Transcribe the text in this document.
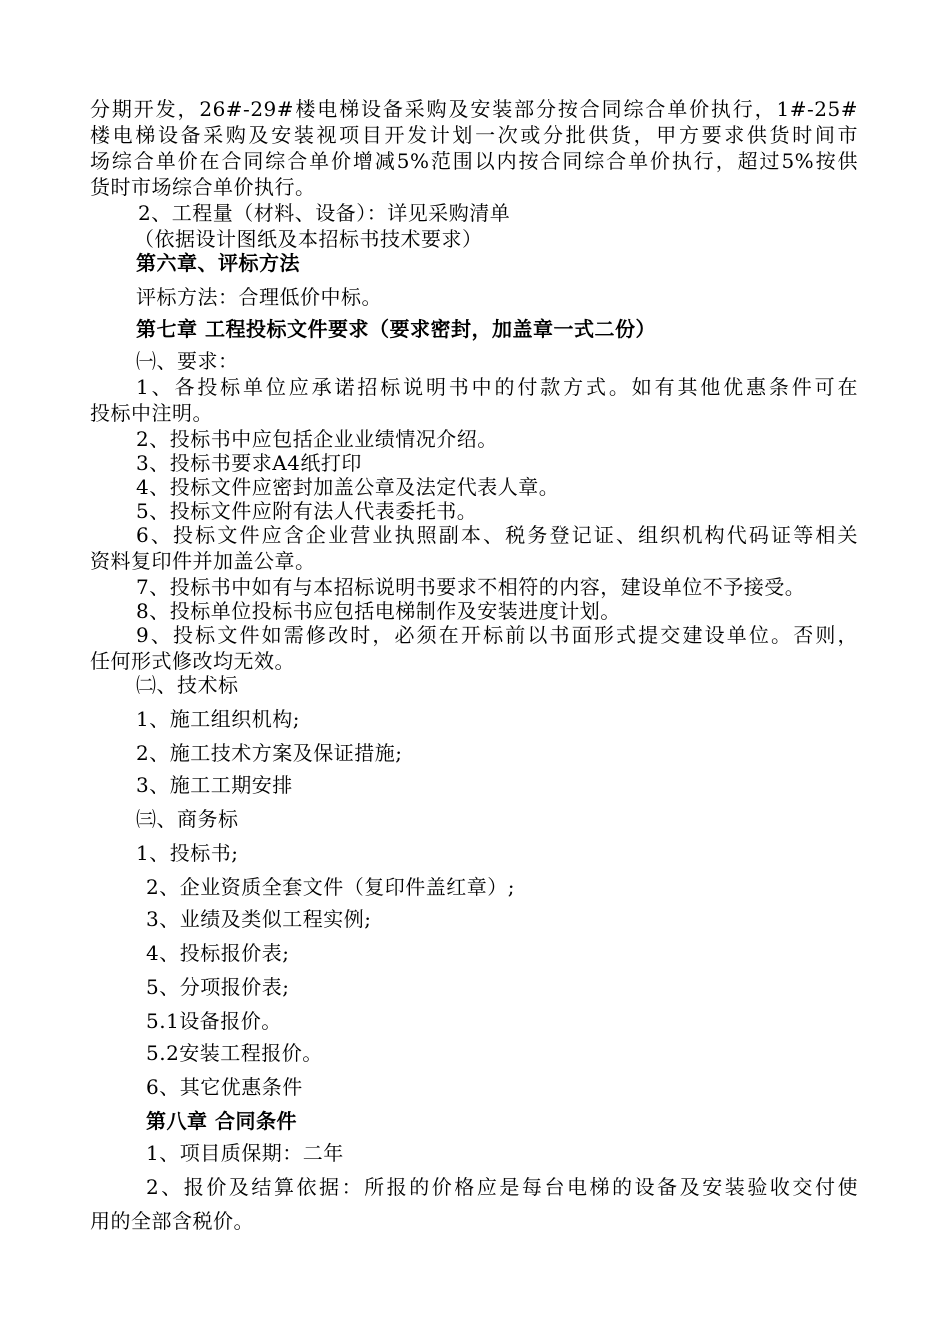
分期开发，26#-29#楼电梯设备采购及安装部分按合同综合单价执行，1#-25#
楼电梯设备采购及安装视项目开发计划一次或分批供货，甲方要求供货时间市
场综合单价在合同综合单价增减5%范围以内按合同综合单价执行，超过5%按供
货时市场综合单价执行。
2、工程量（材料、设备）：详见采购清单
（依据设计图纸及本招标书技术要求）
第六章、评标方法
评标方法：合理低价中标。
第七章 工程投标文件要求（要求密封，加盖章一式二份）
㈠、要求：
1、各投标单位应承诺招标说明书中的付款方式。如有其他优惠条件可在
投标中注明。
2、投标书中应包括企业业绩情况介绍。
3、投标书要求A4纸打印
4、投标文件应密封加盖公章及法定代表人章。
5、投标文件应附有法人代表委托书。
6、投标文件应含企业营业执照副本、税务登记证、组织机构代码证等相关
资料复印件并加盖公章。
7、投标书中如有与本招标说明书要求不相符的内容，建设单位不予接受。
8、投标单位投标书应包括电梯制作及安装进度计划。
9、投标文件如需修改时，必须在开标前以书面形式提交建设单位。否则，
任何形式修改均无效。
㈡、技术标
1、施工组织机构;
2、施工技术方案及保证措施;
3、施工工期安排
㈢、商务标
1、投标书;
2、企业资质全套文件（复印件盖红章）;
3、业绩及类似工程实例;
4、投标报价表;
5、分项报价表;
5.1设备报价。
5.2安装工程报价。
6、其它优惠条件
第八章 合同条件
1、项目质保期：二年
2、报价及结算依据：所报的价格应是每台电梯的设备及安装验收交付使
用的全部含税价。
